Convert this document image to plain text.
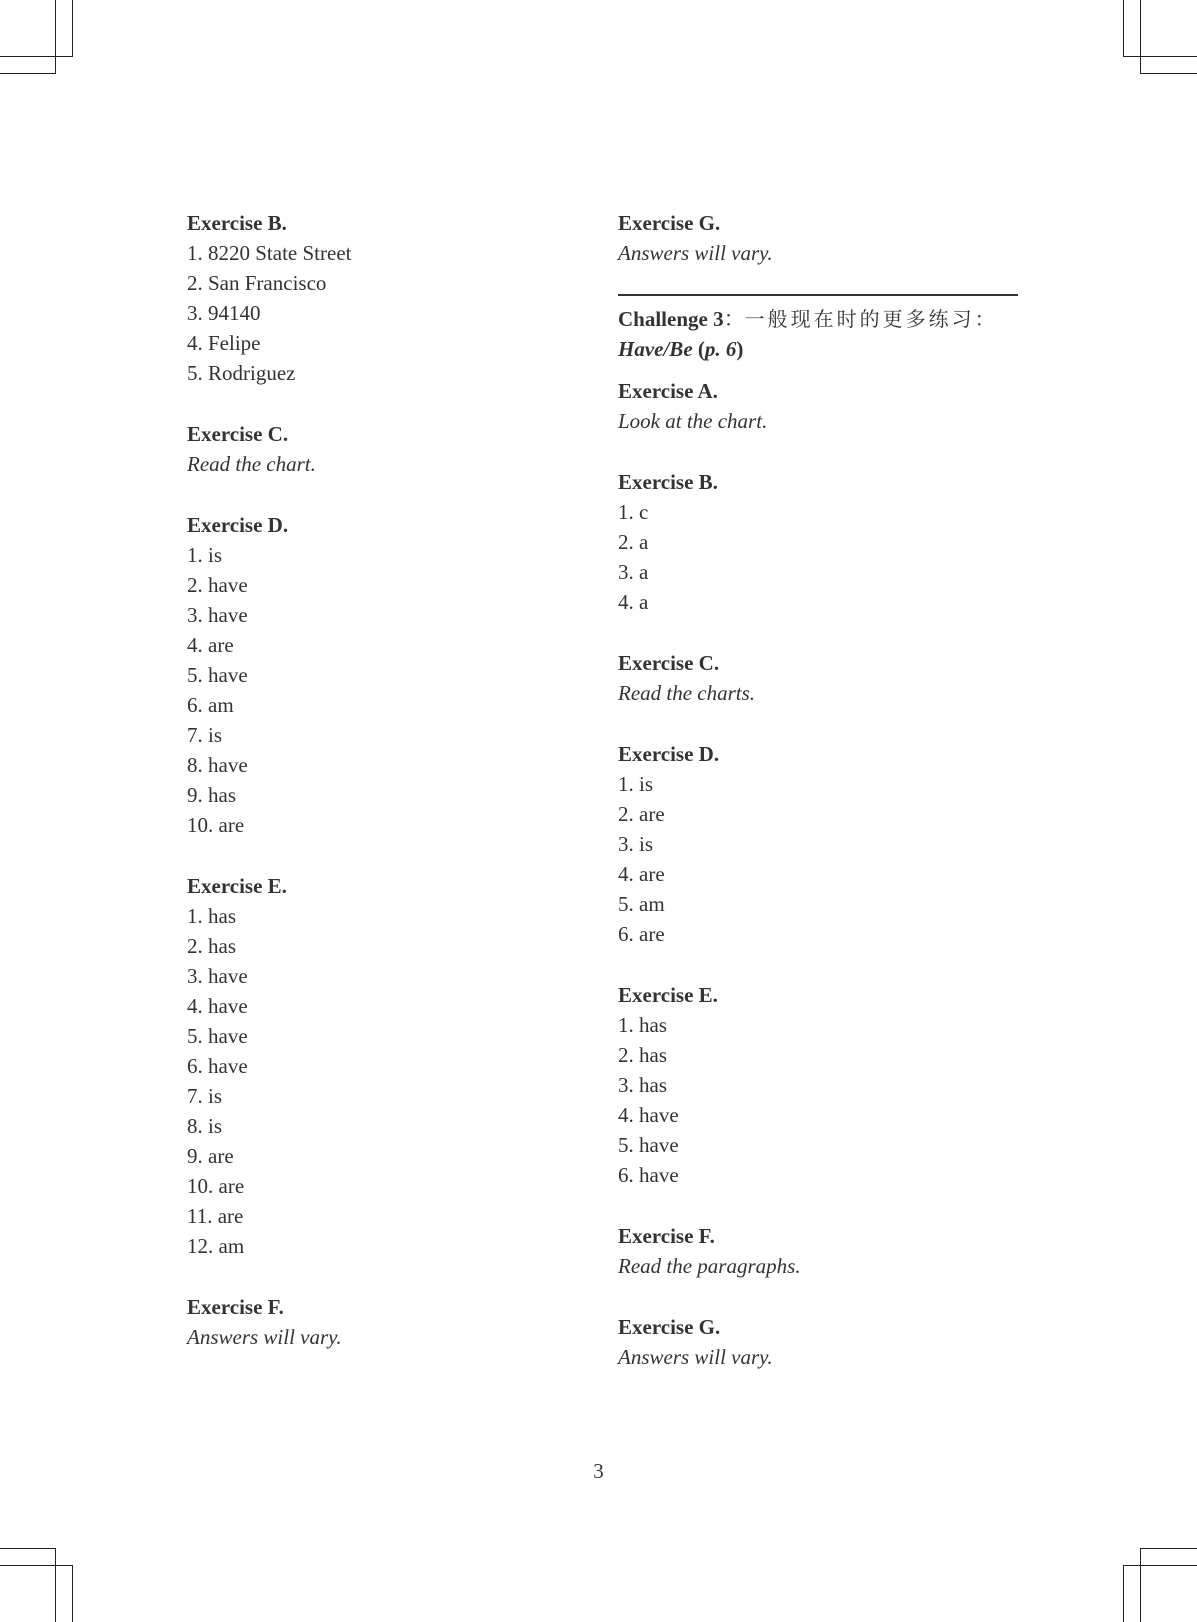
Exercise B.

1. 8220 State Street

2. San Francisco

3. 94140

4. Felipe

5. Rodriguez

Exercise C.

Read the chart.

Exercise D.

1. is

2. have

3. have

4. are

5. have

6. am

7. is

8. have

9. has

10. are

Exercise E.

1. has

2. has

3. have

4. have

5. have

6. have

7. is

8. is

9. are

10. are

11. are

12. am

Exercise F.

Answers will vary.

Exercise G.

Answers will vary.

Challenge 3：一般现在时的更多练习：
Have/Be (p. 6)

Exercise A.

Look at the chart.

Exercise B.

1. c

2. a

3. a

4. a

Exercise C.

Read the charts.

Exercise D.

1. is

2. are

3. is

4. are

5. am

6. are

Exercise E.

1. has

2. has

3. has

4. have

5. have

6. have

Exercise F.

Read the paragraphs.

Exercise G.

Answers will vary.

3
